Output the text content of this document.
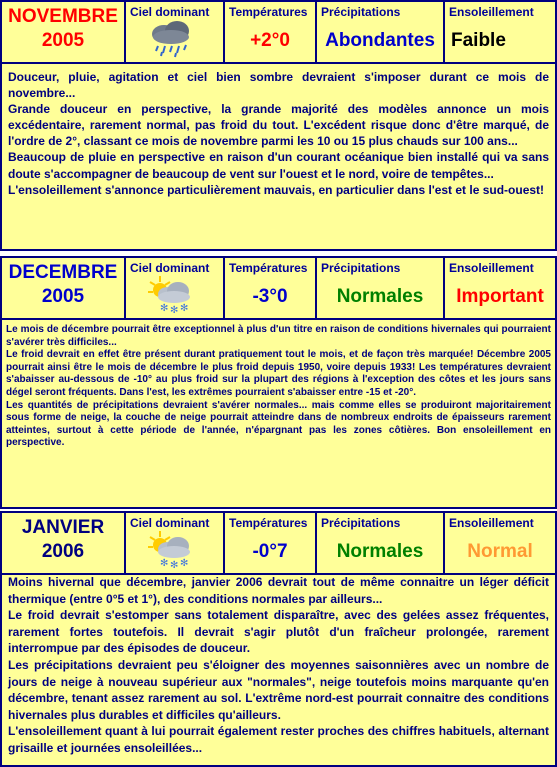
NOVEMBRE
2005
Ciel dominant Températures
+2°0
Précipitations
Abondantes
Ensoleillement
Faible

Douceur, pluie, agitation et ciel bien sombre devraient s'imposer durant ce mois de novembre...

Grande douceur en perspective, la grande majorité des modèles annonce un mois excédentaire, rarement normal, pas froid du tout. L'excédent risque donc d'être marqué, de l'ordre de 2°, classant ce mois de novembre parmi les 10 ou 15 plus chauds sur 100 ans...

Beaucoup de pluie en perspective en raison d'un courant océanique bien installé qui va sans doute s'accompagner de beaucoup de vent sur l'ouest et le nord, voire de tempêtes...

L'ensoleillement s'annonce particulièrement mauvais, en particulier dans l'est et le sud-ouest!

DECEMBRE
2005
Ciel dominant
✻ ✻ ✻
Températures
-3°0
Précipitations
Normales
Ensoleillement
Important

Le mois de décembre pourrait être exceptionnel à plus d'un titre en raison de conditions hivernales qui pourraient s'avérer très difficiles...

Le froid devrait en effet être présent durant pratiquement tout le mois, et de façon très marquée! Décembre 2005 pourrait ainsi être le mois de décembre le plus froid depuis 1950, voire depuis 1933! Les températures devraient s'abaisser au-dessous de -10° au plus froid sur la plupart des régions à l'exception des côtes et les jours sans dégel seront fréquents. Dans l'est, les extrêmes pourraient s'abaisser entre -15 et -20°.

Les quantités de précipitations devraient s'avérer normales... mais comme elles se produiront majoritairement sous forme de neige, la couche de neige pourrait atteindre dans de nombreux endroits de épaisseurs rarement atteintes, surtout à cette période de l'année, n'épargnant pas les zones côtières. Bon ensoleillement en perspective.

JANVIER
2006
Ciel dominant
✻ ✻ ✻
Températures
-0°7
Précipitations
Normales
Ensoleillement
Normal

Moins hivernal que décembre, janvier 2006 devrait tout de même connaitre un léger déficit thermique (entre 0°5 et 1°), des conditions normales par ailleurs...

Le froid devrait s'estomper sans totalement disparaître, avec des gelées assez fréquentes, rarement fortes toutefois. Il devrait s'agir plutôt d'un fraîcheur prolongée, rarement interrompue par des épisodes de douceur.

Les précipitations devraient peu s'éloigner des moyennes saisonnières avec un nombre de jours de neige à nouveau supérieur aux "normales", neige toutefois moins marquante qu'en décembre, tenant assez rarement au sol. L'extrême nord-est pourrait connaitre des conditions hivernales plus durables et difficiles qu'ailleurs.

L'ensoleillement quant à lui pourrait également rester proches des chiffres habituels, alternant grisaille et journées ensoleillées...
